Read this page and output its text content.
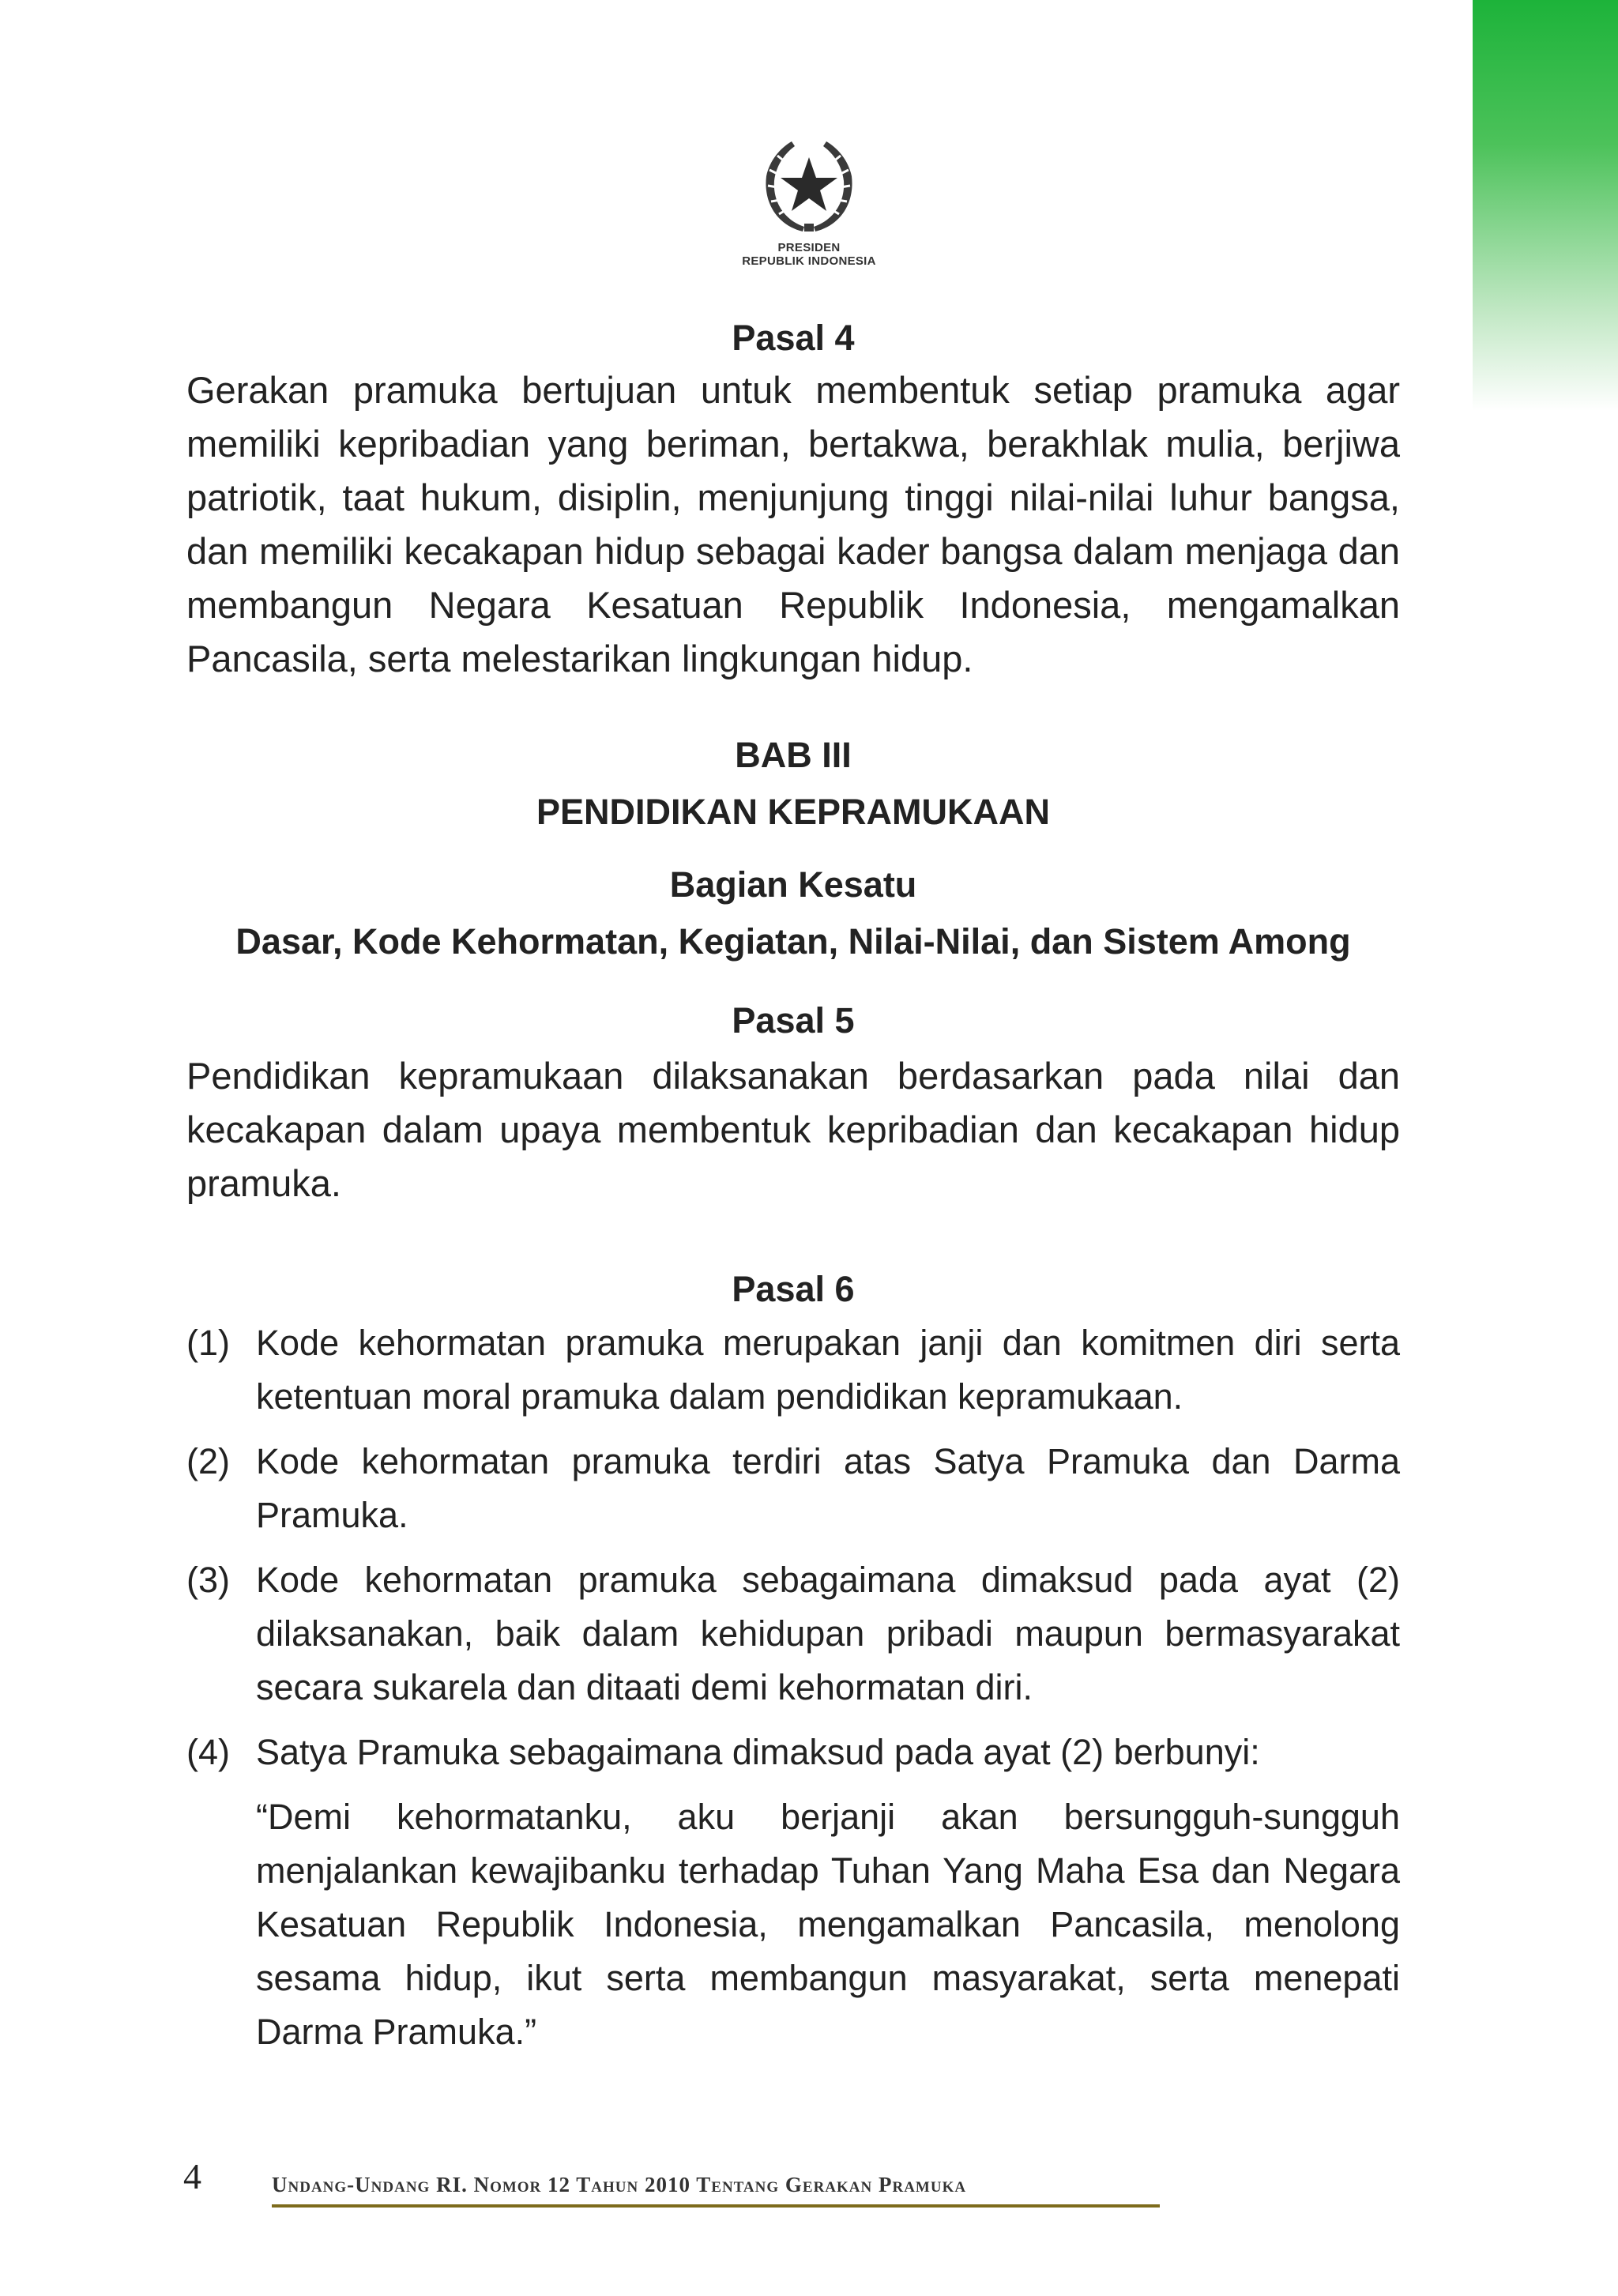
PRESIDEN
REPUBLIK INDONESIA

Pasal 4

Gerakan pramuka bertujuan untuk membentuk setiap pramuka agar memiliki kepribadian yang beriman, bertakwa, berakhlak mulia, berjiwa patriotik, taat hukum, disiplin, menjunjung tinggi nilai-nilai luhur bangsa, dan memiliki kecakapan hidup sebagai kader bangsa dalam menjaga dan membangun Negara Kesatuan Republik Indonesia, mengamalkan Pancasila, serta melestarikan lingkungan hidup.

BAB III

PENDIDIKAN KEPRAMUKAAN

Bagian Kesatu

Dasar, Kode Kehormatan, Kegiatan, Nilai-Nilai, dan Sistem Among

Pasal 5

Pendidikan kepramukaan dilaksanakan berdasarkan pada nilai dan kecakapan dalam upaya membentuk kepribadian dan kecakapan hidup pramuka.

Pasal 6

(1) Kode kehormatan pramuka merupakan janji dan komitmen diri serta ketentuan moral pramuka dalam pendidikan kepramukaan.
(2) Kode kehormatan pramuka terdiri atas Satya Pramuka dan Darma Pramuka.
(3) Kode kehormatan pramuka sebagaimana dimaksud pada ayat (2) dilaksanakan, baik dalam kehidupan pribadi maupun bermasyarakat secara sukarela dan ditaati demi kehormatan diri.
(4) Satya Pramuka sebagaimana dimaksud pada ayat (2) berbunyi:

“Demi kehormatanku, aku berjanji akan bersungguh-sungguh menjalankan kewajibanku terhadap Tuhan Yang Maha Esa dan Negara Kesatuan Republik Indonesia, mengamalkan Pancasila, menolong sesama hidup, ikut serta membangun masyarakat, serta menepati Darma Pramuka.”

4	Undang-Undang RI. Nomor 12 Tahun 2010 Tentang Gerakan Pramuka
